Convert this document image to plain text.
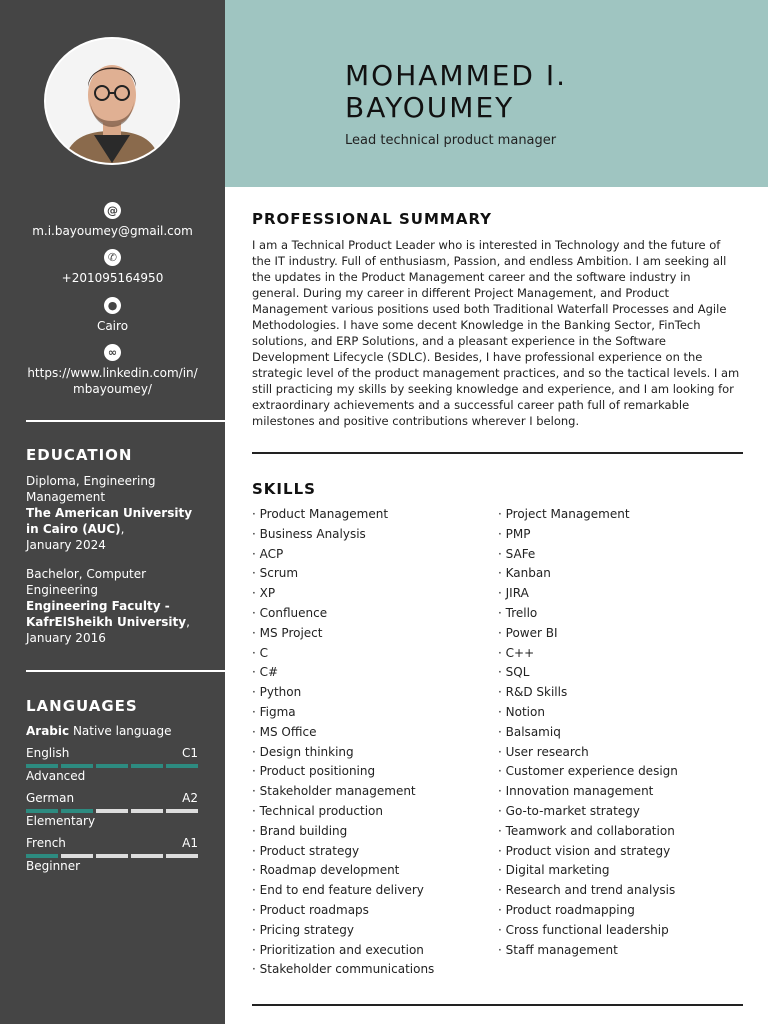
@
m.i.bayoumey@gmail.com
✆
+201095164950
●
Cairo
∞
https://www.linkedin.com/in/
mbayoumey/
EDUCATION
Diploma, Engineering Management
The American University in Cairo (AUC),
January 2024
Bachelor, Computer Engineering
Engineering Faculty - KafrElSheikh University,
January 2016
LANGUAGES
Arabic Native language
English	C1
Advanced
German	A2
Elementary
French	A1
Beginner
MOHAMMED I.
BAYOUMEY
Lead technical product manager
PROFESSIONAL SUMMARY
I am a Technical Product Leader who is interested in Technology and the future of the IT industry. Full of enthusiasm, Passion, and endless Ambition. I am seeking all the updates in the Product Management career and the software industry in general. During my career in different Project Management, and Product Management various positions used both Traditional Waterfall Processes and Agile Methodologies. I have some decent Knowledge in the Banking Sector, FinTech solutions, and ERP Solutions, and a pleasant experience in the Software Development Lifecycle (SDLC). Besides, I have professional experience on the strategic level of the product management practices, and so the tactical levels. I am still practicing my skills by seeking knowledge and experience, and I am looking for extraordinary achievements and a successful career path full of remarkable milestones and positive contributions wherever I belong.
SKILLS
· Product Management
· Business Analysis
· ACP
· Scrum
· XP
· Confluence
· MS Project
· C
· C#
· Python
· Figma
· MS Office
· Design thinking
· Product positioning
· Stakeholder management
· Technical production
· Brand building
· Product strategy
· Roadmap development
· End to end feature delivery
· Product roadmaps
· Pricing strategy
· Prioritization and execution
· Stakeholder communications
· Project Management
· PMP
· SAFe
· Kanban
· JIRA
· Trello
· Power BI
· C++
· SQL
· R&D Skills
· Notion
· Balsamiq
· User research
· Customer experience design
· Innovation management
· Go-to-market strategy
· Teamwork and collaboration
· Product vision and strategy
· Digital marketing
· Research and trend analysis
· Product roadmapping
· Cross functional leadership
· Staff management
